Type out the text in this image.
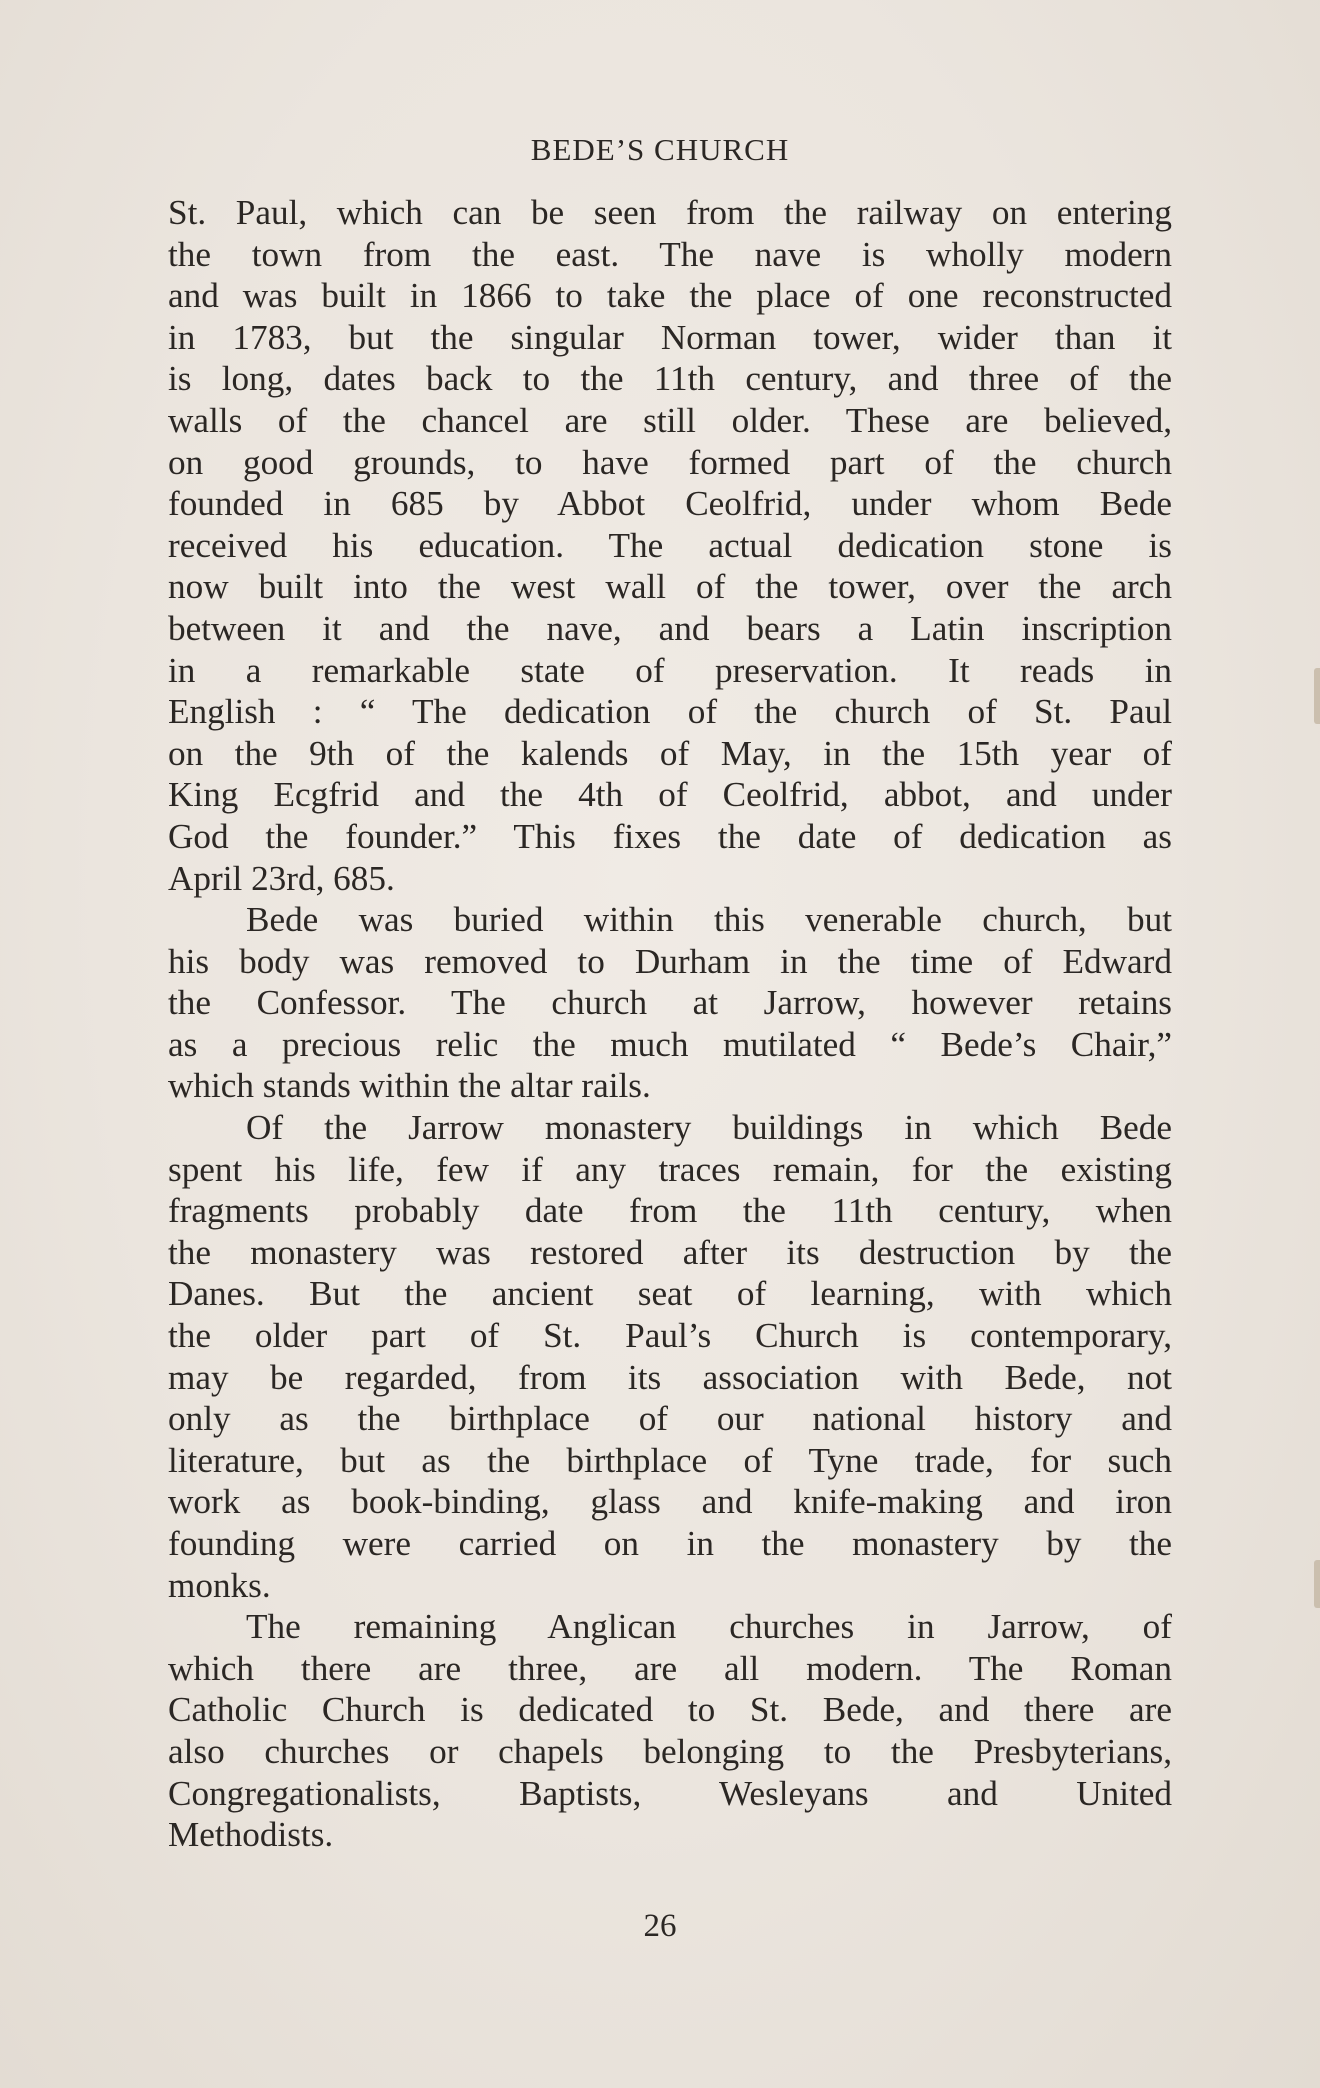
BEDE’S CHURCH
St. Paul, which can be seen from the railway on entering
the town from the east. The nave is wholly modern
and was built in 1866 to take the place of one reconstructed
in 1783, but the singular Norman tower, wider than it
is long, dates back to the 11th century, and three of the
walls of the chancel are still older. These are believed,
on good grounds, to have formed part of the church
founded in 685 by Abbot Ceolfrid, under whom Bede
received his education. The actual dedication stone is
now built into the west wall of the tower, over the arch
between it and the nave, and bears a Latin inscription
in a remarkable state of preservation. It reads in
English : “ The dedication of the church of St. Paul
on the 9th of the kalends of May, in the 15th year of
King Ecgfrid and the 4th of Ceolfrid, abbot, and under
God the founder.” This fixes the date of dedication as
April 23rd, 685.
Bede was buried within this venerable church, but
his body was removed to Durham in the time of Edward
the Confessor. The church at Jarrow, however retains
as a precious relic the much mutilated “ Bede’s Chair,”
which stands within the altar rails.
Of the Jarrow monastery buildings in which Bede
spent his life, few if any traces remain, for the existing
fragments probably date from the 11th century, when
the monastery was restored after its destruction by the
Danes. But the ancient seat of learning, with which
the older part of St. Paul’s Church is contemporary,
may be regarded, from its association with Bede, not
only as the birthplace of our national history and
literature, but as the birthplace of Tyne trade, for such
work as book-binding, glass and knife-making and iron
founding were carried on in the monastery by the
monks.
The remaining Anglican churches in Jarrow, of
which there are three, are all modern. The Roman
Catholic Church is dedicated to St. Bede, and there are
also churches or chapels belonging to the Presbyterians,
Congregationalists, Baptists, Wesleyans and United
Methodists.

26
